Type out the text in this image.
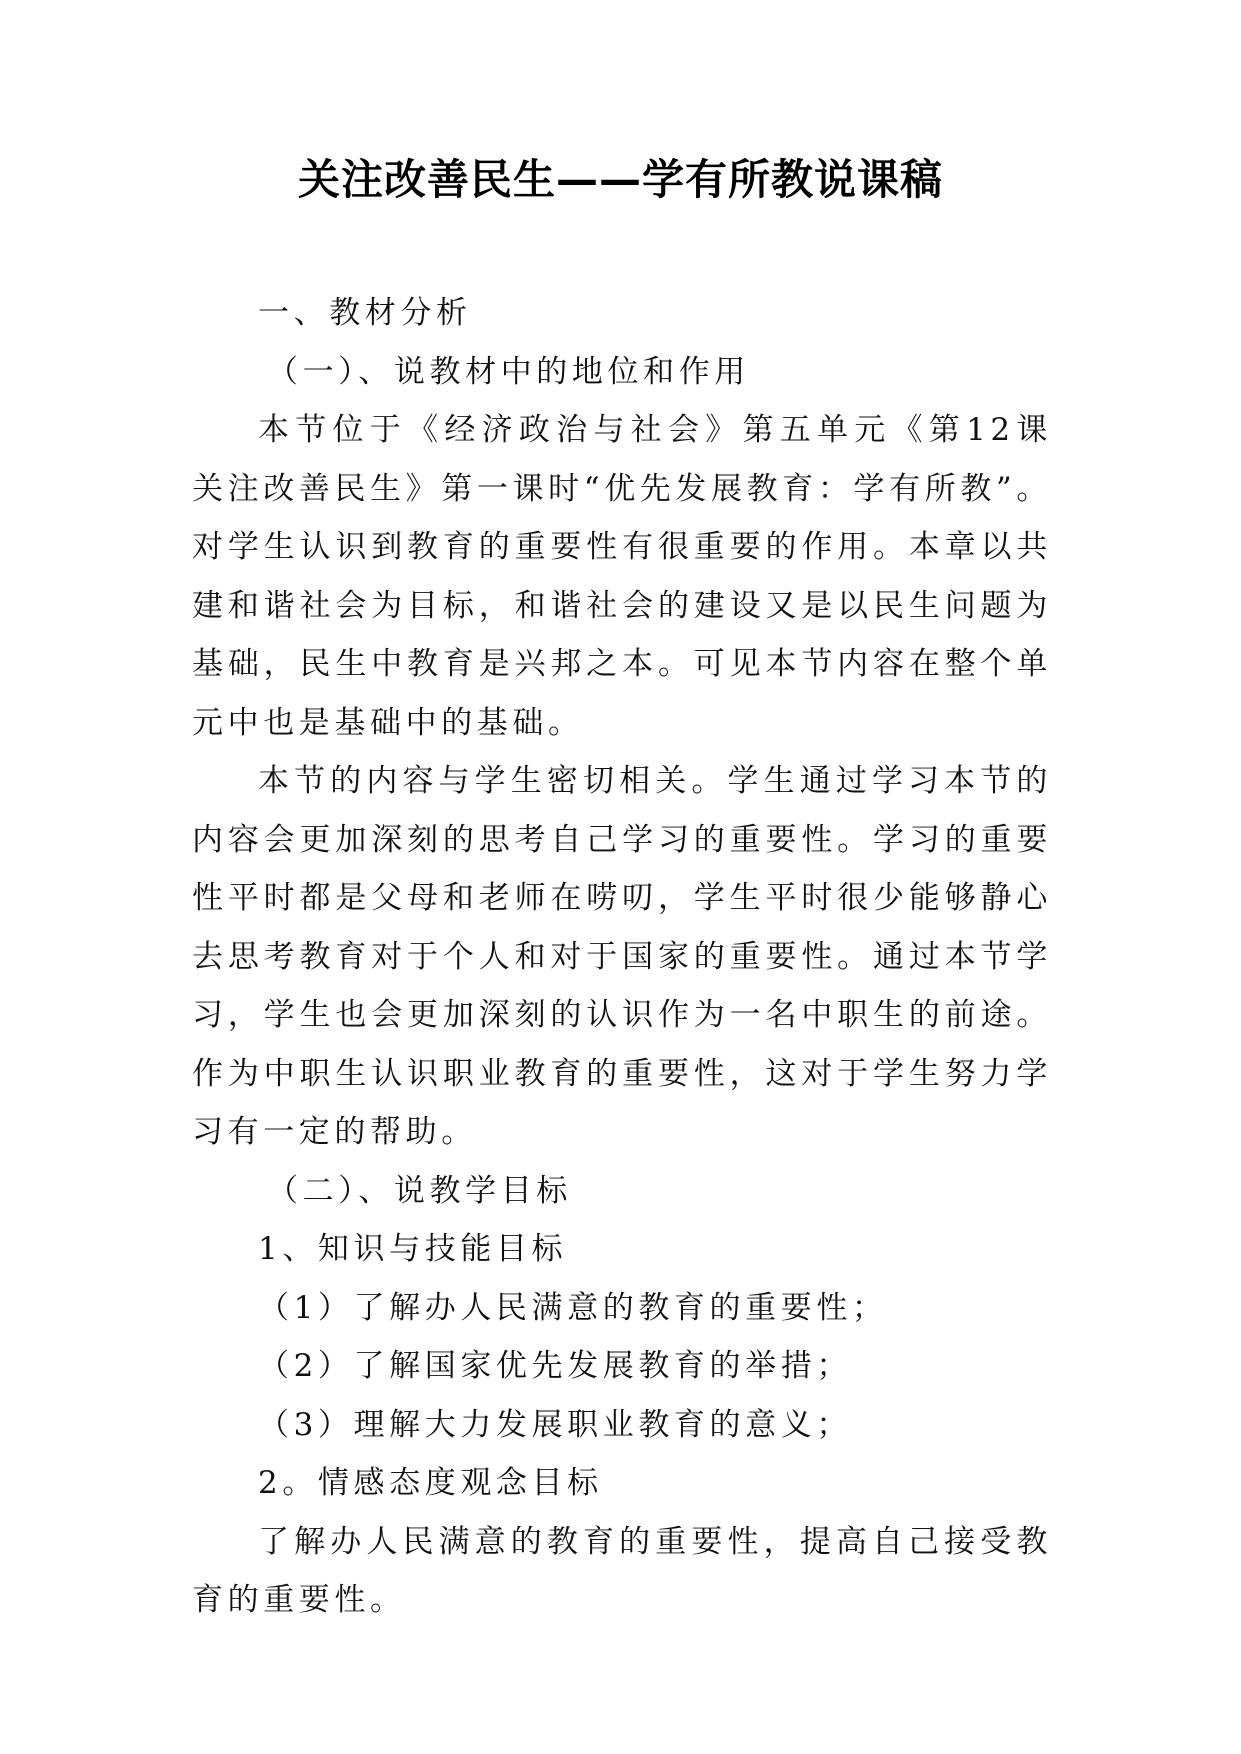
关注改善民生——学有所教说课稿

一、教材分析

（一）、说教材中的地位和作用

本节位于《经济政治与社会》第五单元《第12课关注改善民生》第一课时“优先发展教育：学有所教”。对学生认识到教育的重要性有很重要的作用。本章以共建和谐社会为目标，和谐社会的建设又是以民生问题为基础，民生中教育是兴邦之本。可见本节内容在整个单元中也是基础中的基础。

本节的内容与学生密切相关。学生通过学习本节的内容会更加深刻的思考自己学习的重要性。学习的重要性平时都是父母和老师在唠叨，学生平时很少能够静心去思考教育对于个人和对于国家的重要性。通过本节学习，学生也会更加深刻的认识作为一名中职生的前途。作为中职生认识职业教育的重要性，这对于学生努力学习有一定的帮助。

（二）、说教学目标

1、知识与技能目标

（1）了解办人民满意的教育的重要性；

（2）了解国家优先发展教育的举措；

（3）理解大力发展职业教育的意义；

2。情感态度观念目标

了解办人民满意的教育的重要性，提高自己接受教育的重要性。
